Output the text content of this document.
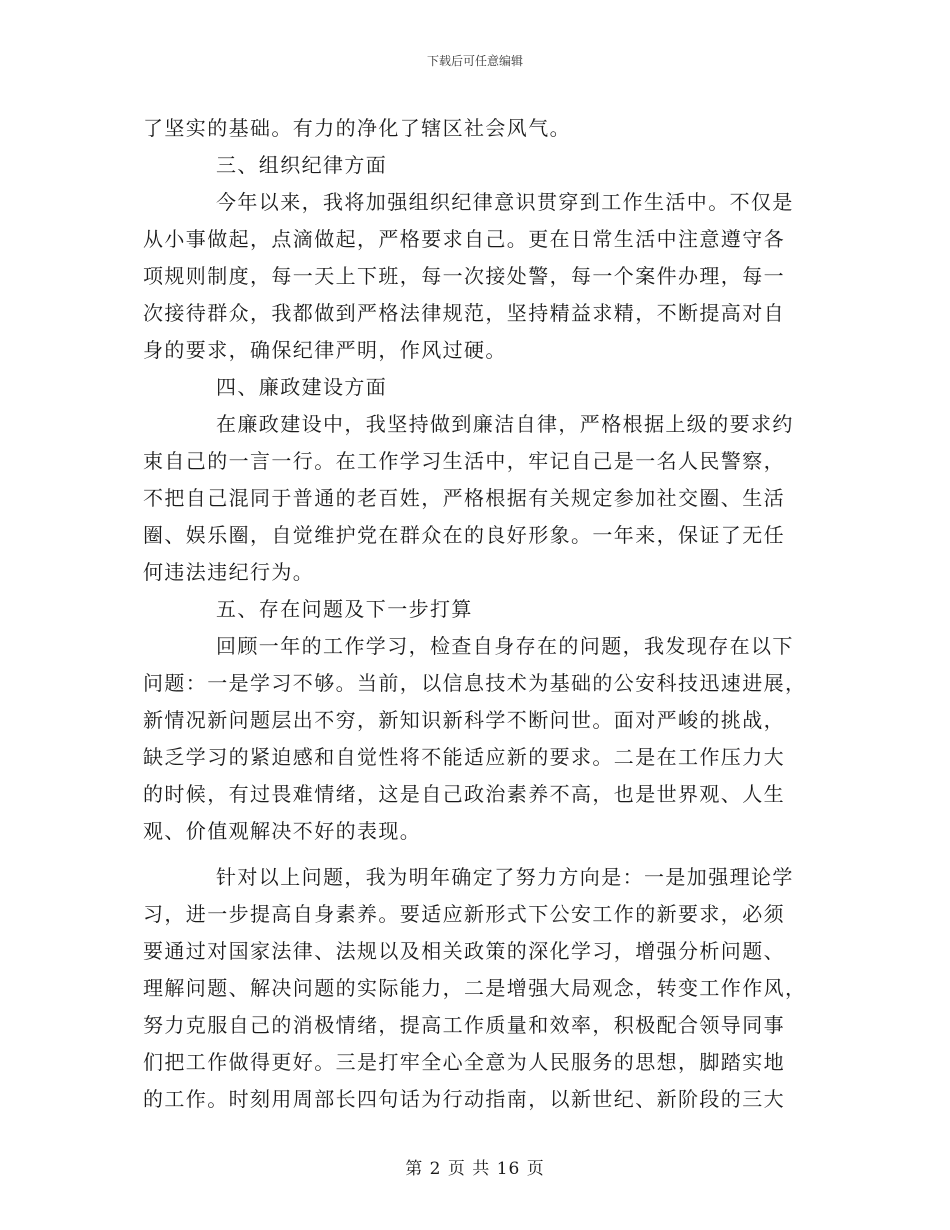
下载后可任意编辑
了坚实的基础。有力的净化了辖区社会风气。
三、组织纪律方面
今年以来，我将加强组织纪律意识贯穿到工作生活中。不仅是
从小事做起，点滴做起，严格要求自己。更在日常生活中注意遵守各
项规则制度，每一天上下班，每一次接处警，每一个案件办理，每一
次接待群众，我都做到严格法律规范，坚持精益求精，不断提高对自
身的要求，确保纪律严明，作风过硬。
四、廉政建设方面
在廉政建设中，我坚持做到廉洁自律，严格根据上级的要求约
束自己的一言一行。在工作学习生活中，牢记自己是一名人民警察，
不把自己混同于普通的老百姓，严格根据有关规定参加社交圈、生活
圈、娱乐圈，自觉维护党在群众在的良好形象。一年来，保证了无任
何违法违纪行为。
五、存在问题及下一步打算
回顾一年的工作学习，检查自身存在的问题，我发现存在以下
问题：一是学习不够。当前，以信息技术为基础的公安科技迅速进展，
新情况新问题层出不穷，新知识新科学不断问世。面对严峻的挑战，
缺乏学习的紧迫感和自觉性将不能适应新的要求。二是在工作压力大
的时候，有过畏难情绪，这是自己政治素养不高，也是世界观、人生
观、价值观解决不好的表现。
针对以上问题，我为明年确定了努力方向是：一是加强理论学
习，进一步提高自身素养。要适应新形式下公安工作的新要求，必须
要通过对国家法律、法规以及相关政策的深化学习，增强分析问题、
理解问题、解决问题的实际能力，二是增强大局观念，转变工作作风，
努力克服自己的消极情绪，提高工作质量和效率，积极配合领导同事
们把工作做得更好。三是打牢全心全意为人民服务的思想，脚踏实地
的工作。时刻用周部长四句话为行动指南，以新世纪、新阶段的三大
第 2 页 共 16 页
